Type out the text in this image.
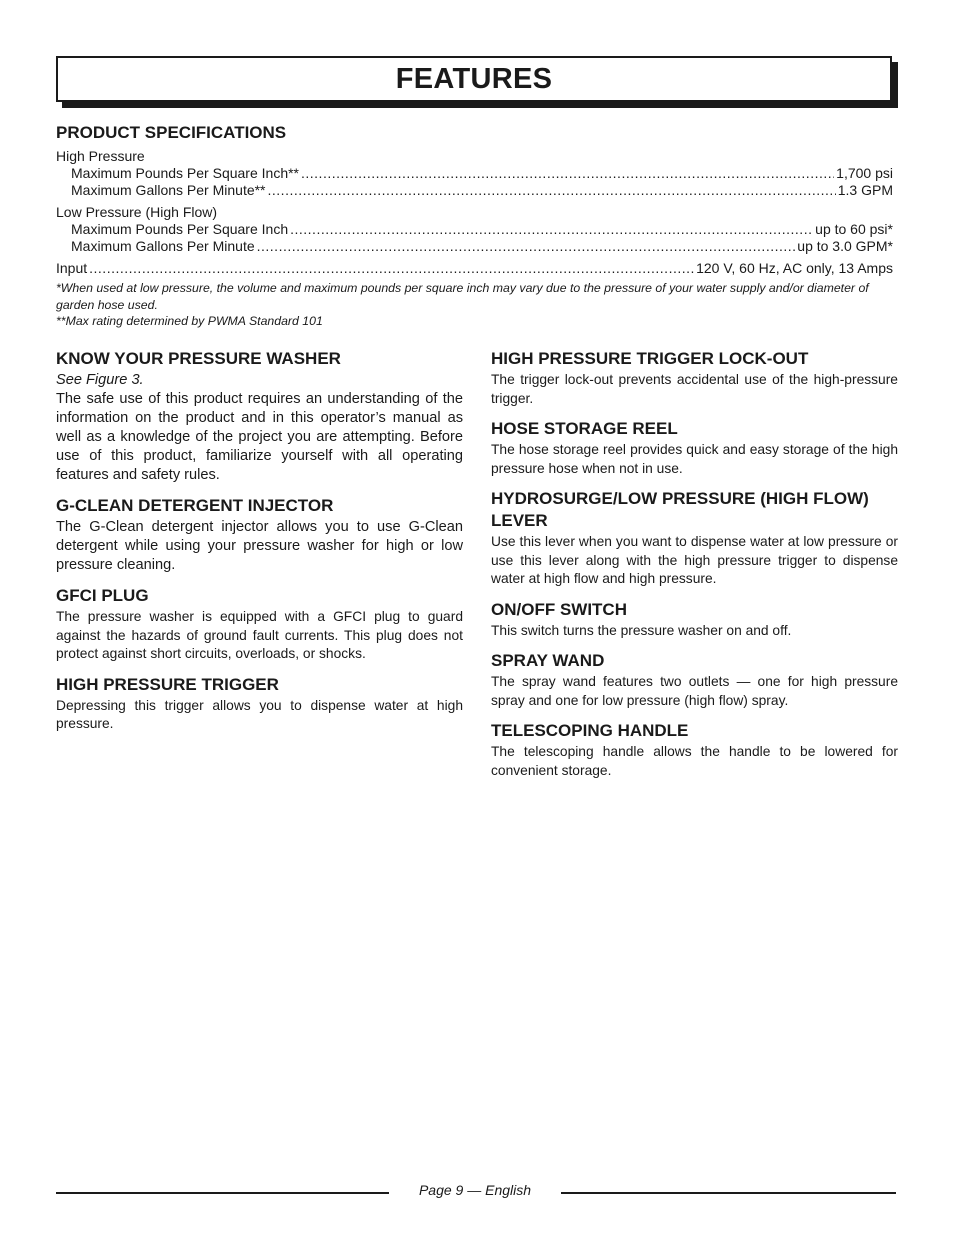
FEATURES
PRODUCT SPECIFICATIONS
High Pressure
Maximum Pounds Per Square Inch** .....	1,700 psi
Maximum Gallons Per Minute** .....	1.3 GPM
Low Pressure (High Flow)
Maximum Pounds Per Square Inch .....	up to 60 psi*
Maximum Gallons Per Minute .....	up to 3.0 GPM*
Input .....	120 V, 60 Hz, AC only, 13 Amps

*When used at low pressure, the volume and maximum pounds per square inch may vary due to the pressure of your water supply and/or diameter of garden hose used.

**Max rating determined by PWMA Standard 101

KNOW YOUR PRESSURE WASHER

See Figure 3.

The safe use of this product requires an understanding of the information on the product and in this operator’s manual as well as a knowledge of the project you are attempting. Before use of this product, familiarize yourself with all operating features and safety rules.

G-CLEAN DETERGENT INJECTOR

The G-Clean detergent injector allows you to use G-Clean detergent while using your pressure washer for high or low pressure cleaning.

GFCI PLUG

The pressure washer is equipped with a GFCI plug to guard against the hazards of ground fault currents. This plug does not protect against short circuits, overloads, or shocks.

HIGH PRESSURE TRIGGER

Depressing this trigger allows you to dispense water at high pressure.

HIGH PRESSURE TRIGGER LOCK-OUT

The trigger lock-out prevents accidental use of the high-pressure trigger.

HOSE STORAGE REEL

The hose storage reel provides quick and easy storage of the high pressure hose when not in use.

HYDROSURGE/LOW PRESSURE (HIGH FLOW) LEVER

Use this lever when you want to dispense water at low pressure or use this lever along with the high pressure trigger to dispense water at high flow and high pressure.

ON/OFF SWITCH

This switch turns the pressure washer on and off.

SPRAY WAND

The spray wand features two outlets — one for high pressure spray and one for low pressure (high flow) spray.

TELESCOPING HANDLE

The telescoping handle allows the handle to be lowered for convenient storage.

Page 9 — English
